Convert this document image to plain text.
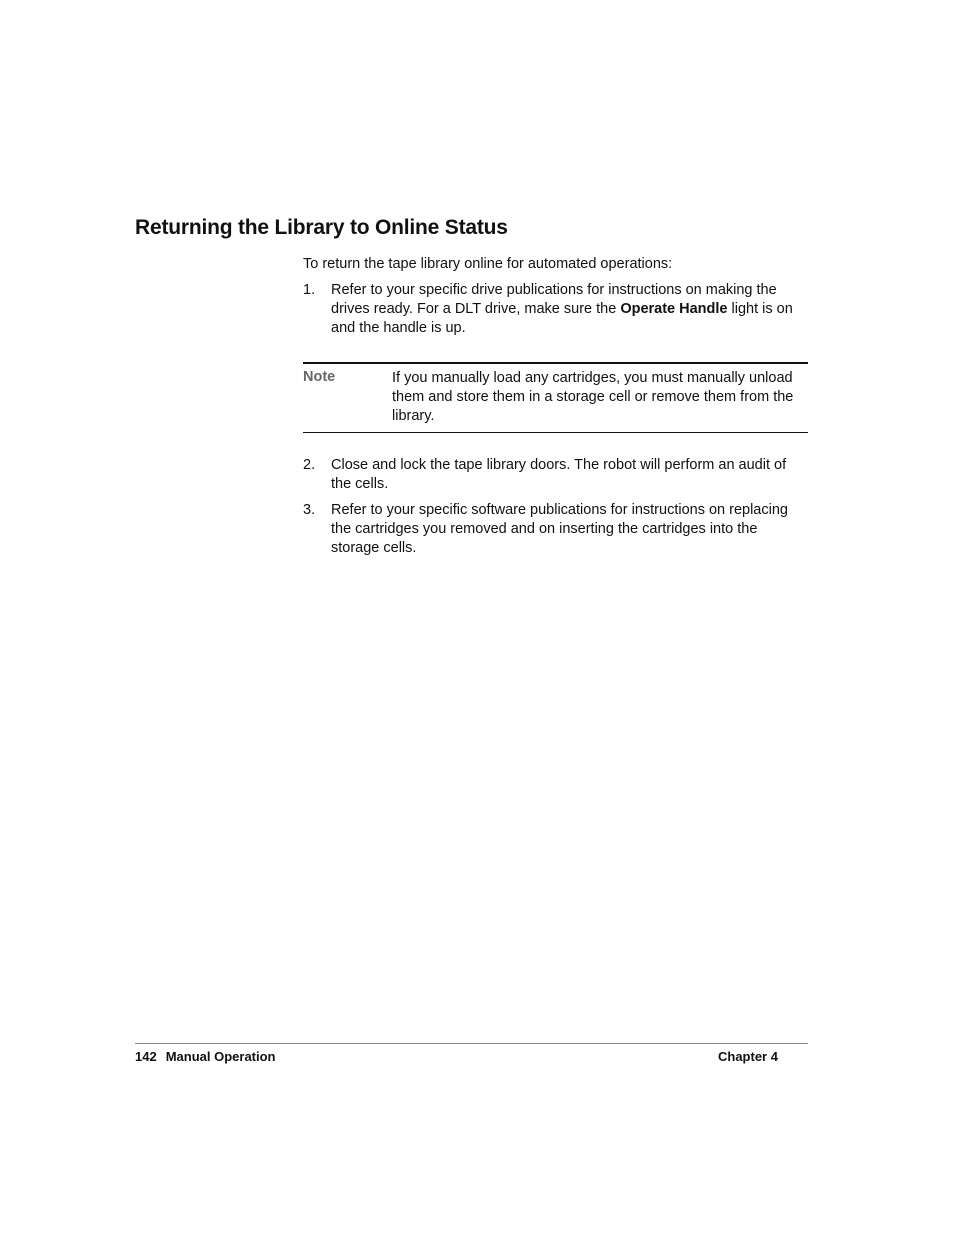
Returning the Library to Online Status
To return the tape library online for automated operations:
1.	Refer to your specific drive publications for instructions on making the drives ready. For a DLT drive, make sure the Operate Handle light is on and the handle is up.
Note	If you manually load any cartridges, you must manually unload them and store them in a storage cell or remove them from the library.
2.	Close and lock the tape library doors. The robot will perform an audit of the cells.
3.	Refer to your specific software publications for instructions on replacing the cartridges you removed and on inserting the cartridges into the storage cells.
142 Manual Operation	Chapter 4
